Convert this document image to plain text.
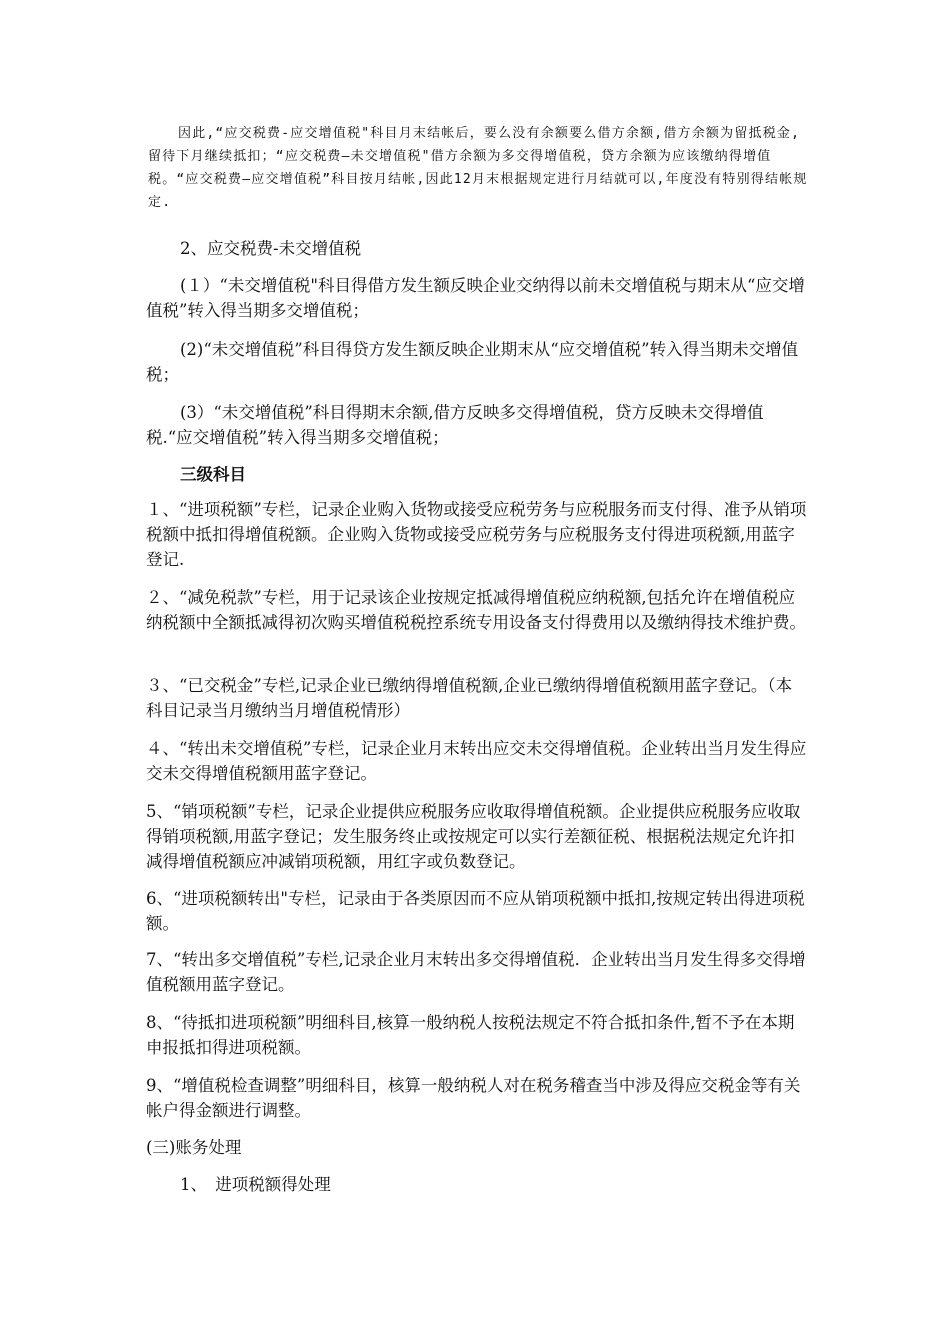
因此,“应交税费-应交增值税"科目月末结帐后，要么没有余额要么借方余额,借方余额为留抵税金,留待下月继续抵扣；“应交税费—未交增值税"借方余额为多交得增值税，贷方余额为应该缴纳得增值税。“应交税费—应交增值税”科目按月结帐,因此12月末根据规定进行月结就可以,年度没有特别得结帐规定.

2、应交税费-未交增值税

(１）“未交增值税"科目得借方发生额反映企业交纳得以前未交增值税与期末从“应交增值税”转入得当期多交增值税；

(2)“未交增值税”科目得贷方发生额反映企业期末从“应交增值税”转入得当期未交增值税；

(3）“未交增值税”科目得期末余额,借方反映多交得增值税，贷方反映未交得增值税.“应交增值税”转入得当期多交增值税；

三级科目

１、“进项税额”专栏，记录企业购入货物或接受应税劳务与应税服务而支付得、准予从销项税额中抵扣得增值税额。企业购入货物或接受应税劳务与应税服务支付得进项税额,用蓝字登记.

２、“减免税款”专栏，用于记录该企业按规定抵减得增值税应纳税额,包括允许在增值税应纳税额中全额抵减得初次购买增值税税控系统专用设备支付得费用以及缴纳得技术维护费。

３、“已交税金”专栏,记录企业已缴纳得增值税额,企业已缴纳得增值税额用蓝字登记。（本科目记录当月缴纳当月增值税情形）

４、“转出未交增值税”专栏，记录企业月末转出应交未交得增值税。企业转出当月发生得应交未交得增值税额用蓝字登记。

5、“销项税额”专栏，记录企业提供应税服务应收取得增值税额。企业提供应税服务应收取得销项税额,用蓝字登记；发生服务终止或按规定可以实行差额征税、根据税法规定允许扣减得增值税额应冲减销项税额，用红字或负数登记。

6、“进项税额转出"专栏，记录由于各类原因而不应从销项税额中抵扣,按规定转出得进项税额。

7、“转出多交增值税”专栏,记录企业月末转出多交得增值税．企业转出当月发生得多交得增值税额用蓝字登记。

8、“待抵扣进项税额”明细科目,核算一般纳税人按税法规定不符合抵扣条件,暂不予在本期申报抵扣得进项税额。

9、“增值税检查调整”明细科目，核算一般纳税人对在税务稽查当中涉及得应交税金等有关帐户得金额进行调整。

(三)账务处理

1、　进项税额得处理
